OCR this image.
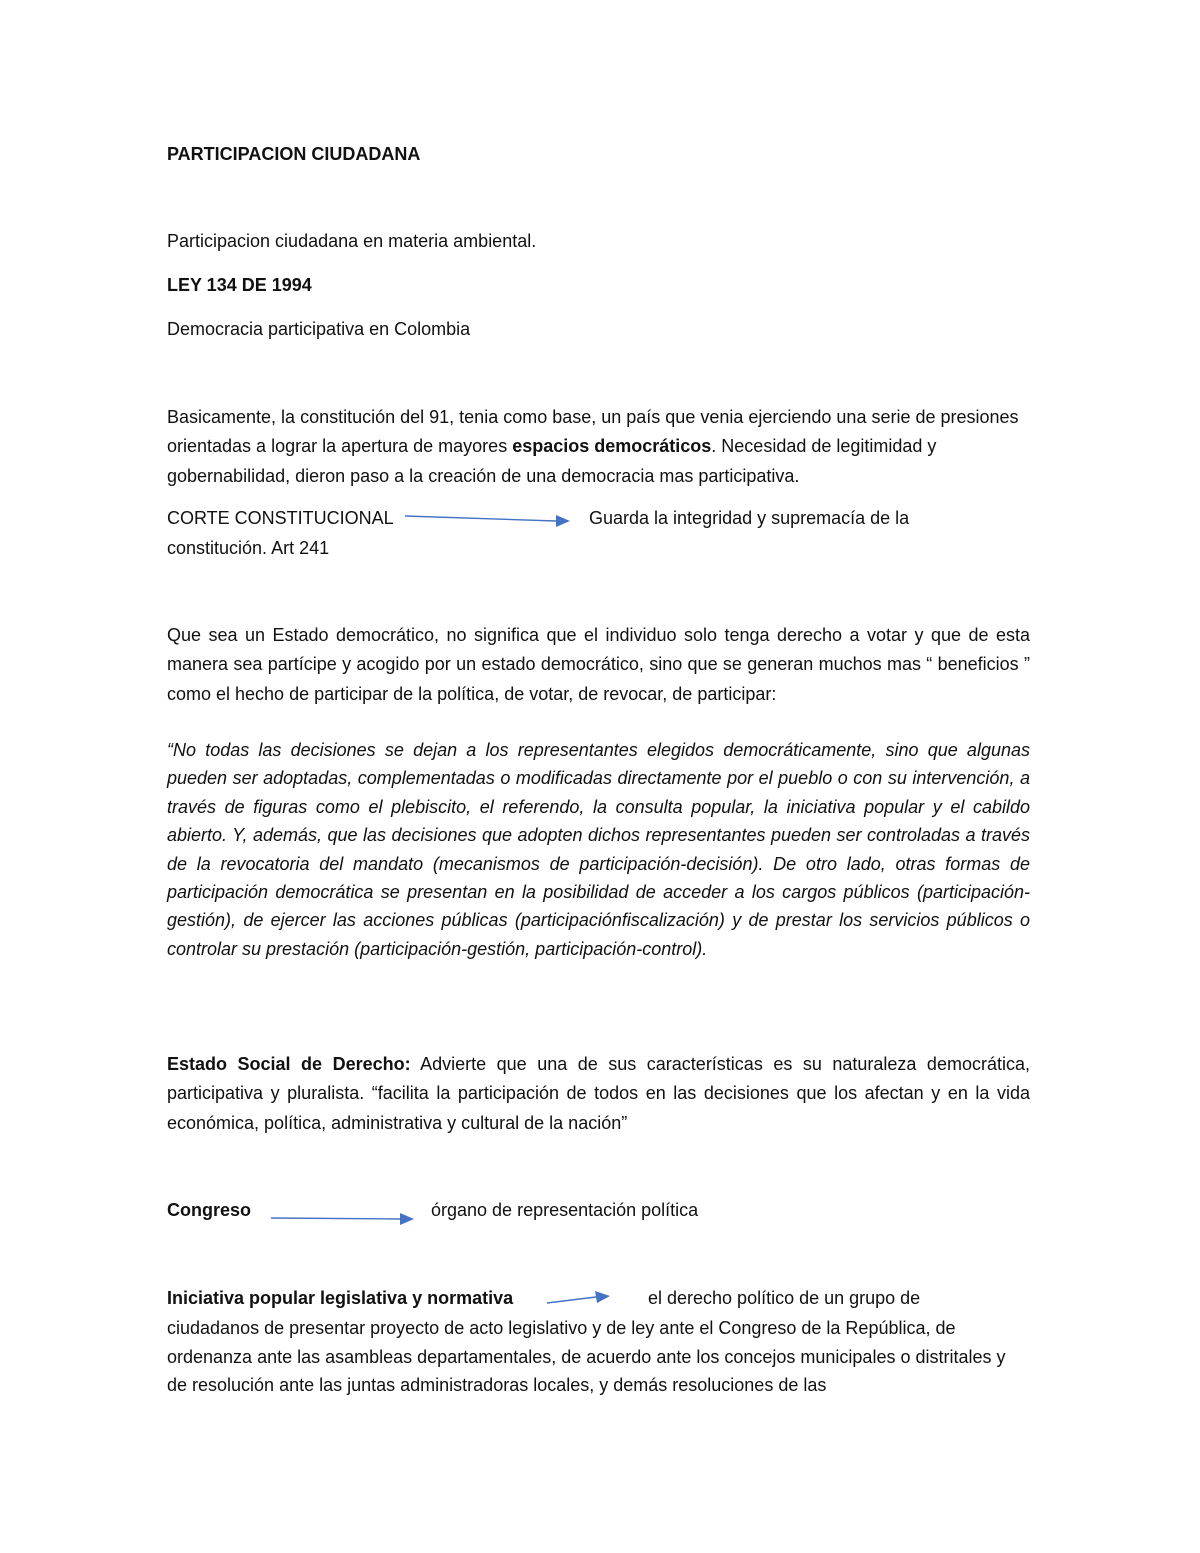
PARTICIPACION CIUDADANA
Participacion ciudadana en materia ambiental.
LEY 134 DE 1994
Democracia participativa en Colombia
Basicamente, la constitución del 91, tenia como base, un país que venia ejerciendo una serie de presiones orientadas a lograr la apertura de mayores espacios democráticos. Necesidad de legitimidad y gobernabilidad, dieron paso a la creación de una democracia mas participativa.
CORTE CONSTITUCIONAL	Guarda la integridad y supremacía de la
constitución. Art 241

Que sea un Estado democrático, no significa que el individuo solo tenga derecho a votar y que de esta manera sea partícipe y acogido por un estado democrático, sino que se generan muchos mas “ beneficios ” como el hecho de participar de la política, de votar, de revocar, de participar:

“No todas las decisiones se dejan a los representantes elegidos democráticamente, sino que algunas pueden ser adoptadas, complementadas o modificadas directamente por el pueblo o con su intervención, a través de figuras como el plebiscito, el referendo, la consulta popular, la iniciativa popular y el cabildo abierto. Y, además, que las decisiones que adopten dichos representantes pueden ser controladas a través de la revocatoria del mandato (mecanismos de participación-decisión). De otro lado, otras formas de participación democrática se presentan en la posibilidad de acceder a los cargos públicos (participación-gestión), de ejercer las acciones públicas (participaciónfiscalización) y de prestar los servicios públicos o controlar su prestación (participación-gestión, participación-control).

Estado Social de Derecho: Advierte que una de sus características es su naturaleza democrática, participativa y pluralista. “facilita la participación de todos en las decisiones que los afectan y en la vida económica, política, administrativa y cultural de la nación”

Congreso	órgano de representación política
Iniciativa popular legislativa y normativa	el derecho político de un grupo de
ciudadanos de presentar proyecto de acto legislativo y de ley ante el Congreso de la República, de ordenanza ante las asambleas departamentales, de acuerdo ante los concejos municipales o distritales y de resolución ante las juntas administradoras locales, y demás resoluciones de las
